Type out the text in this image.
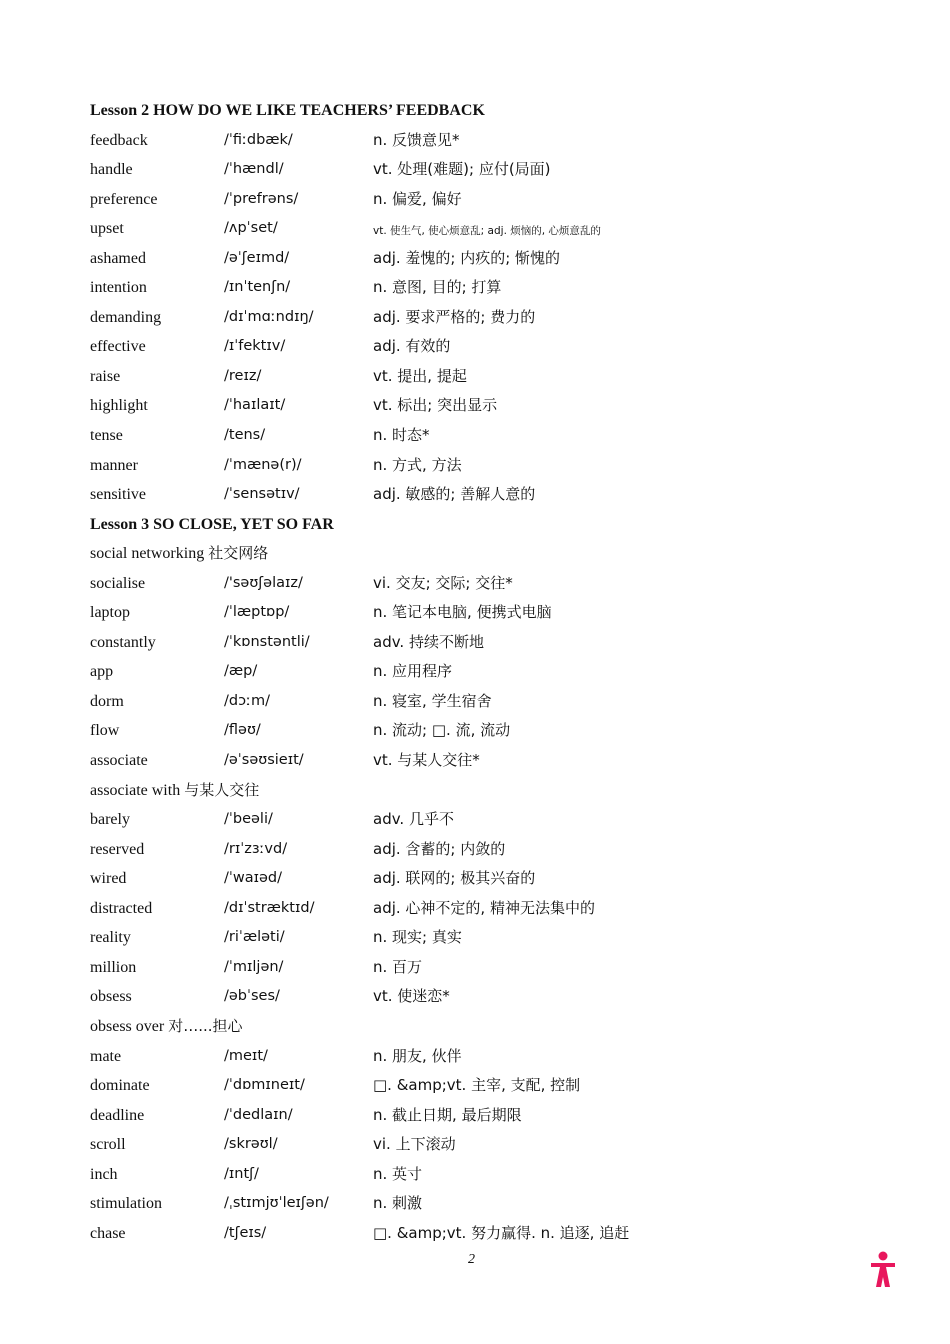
Lesson 2 HOW DO WE LIKE TEACHERS’ FEEDBACK
feedback	/ˈfiːdbæk/	n. 反馈意见*
handle	/ˈhændl/	vt. 处理(难题); 应付(局面)
preference	/ˈprefrəns/	n. 偏爱, 偏好
upset	/ʌpˈset/	vt. 使生气, 使心烦意乱; adj. 烦恼的, 心烦意乱的
ashamed	/əˈʃeɪmd/	adj. 羞愧的; 内疚的; 惭愧的
intention	/ɪnˈtenʃn/	n. 意图, 目的; 打算
demanding	/dɪˈmɑːndɪŋ/	adj. 要求严格的; 费力的
effective	/ɪˈfektɪv/	adj. 有效的
raise	/reɪz/	vt. 提出, 提起
highlight	/ˈhaɪlaɪt/	vt. 标出; 突出显示
tense	/tens/	n. 时态*
manner	/ˈmænə(r)/	n. 方式, 方法
sensitive	/ˈsensətɪv/	adj. 敏感的; 善解人意的
Lesson 3 SO CLOSE, YET SO FAR
social networking 社交网络
socialise	/'səʊʃəlaɪz/	vi. 交友; 交际; 交往*
laptop	/ˈlæptɒp/	n. 笔记本电脑, 便携式电脑
constantly	/ˈkɒnstəntli/	adv. 持续不断地
app	/æp/	n. 应用程序
dorm	/dɔːm/	n. 寝室, 学生宿舍
flow	/fləʊ/	n. 流动; □. 流, 流动
associate	/əˈsəʊsieɪt/	vt. 与某人交往*
associate with 与某人交往
barely	/ˈbeəli/	adv. 几乎不
reserved	/rɪˈzɜːvd/	adj. 含蓄的; 内敛的
wired	/ˈwaɪəd/	adj. 联网的; 极其兴奋的
distracted	/dɪˈstræktɪd/	adj. 心神不定的, 精神无法集中的
reality	/riˈæləti/	n. 现实; 真实
million	/ˈmɪljən/	n. 百万
obsess	/əbˈses/	vt. 使迷恋*
obsess over 对…...担心
mate	/meɪt/	n. 朋友, 伙伴
dominate	/ˈdɒmɪneɪt/	□. &amp;vt. 主宰, 支配, 控制
deadline	/ˈdedlaɪn/	n. 截止日期, 最后期限
scroll	/skrəʊl/	vi. 上下滚动
inch	/ɪntʃ/	n. 英寸
stimulation	/ˌstɪmjʊˈleɪʃən/	n. 刺激
chase	/tʃeɪs/	□. &amp;vt. 努力赢得. n. 追逐, 追赶
2
